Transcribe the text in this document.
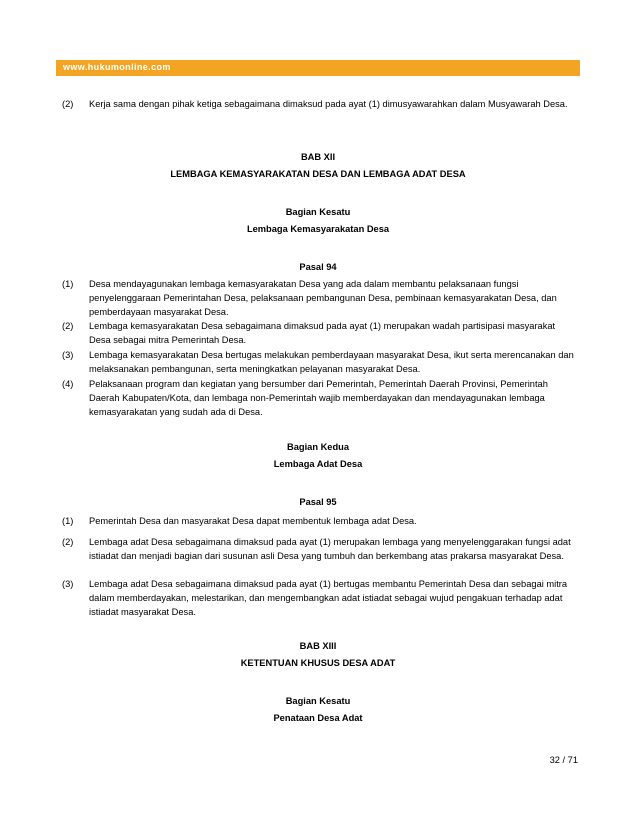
www.hukumonline.com
(2) Kerja sama dengan pihak ketiga sebagaimana dimaksud pada ayat (1) dimusyawarahkan dalam Musyawarah Desa.
BAB XII
LEMBAGA KEMASYARAKATAN DESA DAN LEMBAGA ADAT DESA
Bagian Kesatu
Lembaga Kemasyarakatan Desa
Pasal 94
(1) Desa mendayagunakan lembaga kemasyarakatan Desa yang ada dalam membantu pelaksanaan fungsi penyelenggaraan Pemerintahan Desa, pelaksanaan pembangunan Desa, pembinaan kemasyarakatan Desa, dan pemberdayaan masyarakat Desa.
(2) Lembaga kemasyarakatan Desa sebagaimana dimaksud pada ayat (1) merupakan wadah partisipasi masyarakat Desa sebagai mitra Pemerintah Desa.
(3) Lembaga kemasyarakatan Desa bertugas melakukan pemberdayaan masyarakat Desa, ikut serta merencanakan dan melaksanakan pembangunan, serta meningkatkan pelayanan masyarakat Desa.
(4) Pelaksanaan program dan kegiatan yang bersumber dari Pemerintah, Pemerintah Daerah Provinsi, Pemerintah Daerah Kabupaten/Kota, dan lembaga non-Pemerintah wajib memberdayakan dan mendayagunakan lembaga kemasyarakatan yang sudah ada di Desa.
Bagian Kedua
Lembaga Adat Desa
Pasal 95
(1) Pemerintah Desa dan masyarakat Desa dapat membentuk lembaga adat Desa.
(2) Lembaga adat Desa sebagaimana dimaksud pada ayat (1) merupakan lembaga yang menyelenggarakan fungsi adat istiadat dan menjadi bagian dari susunan asli Desa yang tumbuh dan berkembang atas prakarsa masyarakat Desa.
(3) Lembaga adat Desa sebagaimana dimaksud pada ayat (1) bertugas membantu Pemerintah Desa dan sebagai mitra dalam memberdayakan, melestarikan, dan mengembangkan adat istiadat sebagai wujud pengakuan terhadap adat istiadat masyarakat Desa.
BAB XIII
KETENTUAN KHUSUS DESA ADAT
Bagian Kesatu
Penataan Desa Adat
32 / 71
